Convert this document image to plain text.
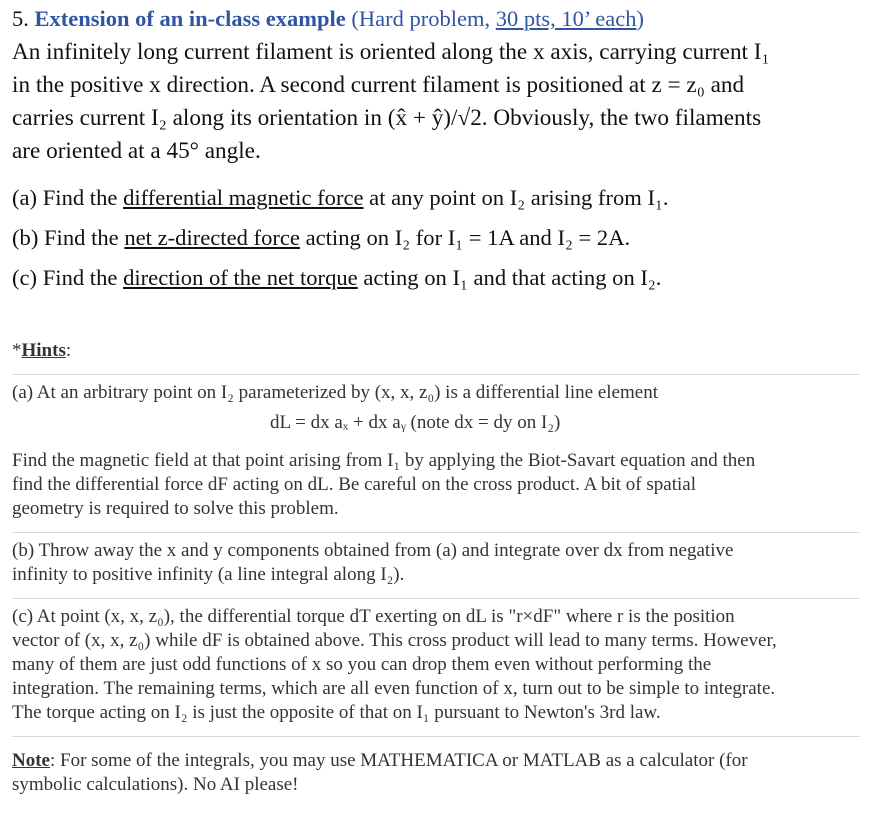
5. Extension of an in-class example (Hard problem, 30 pts, 10’ each)

An infinitely long current filament is oriented along the x axis, carrying current I₁
in the positive x direction. A second current filament is positioned at z = z₀ and
carries current I₂ along its orientation in (x̂ + ŷ)/√2. Obviously, the two filaments
are oriented at a 45° angle.

(a) Find the differential magnetic force at any point on I₂ arising from I₁.

(b) Find the net z-directed force acting on I₂ for I₁ = 1A and I₂ = 2A.

(c) Find the direction of the net torque acting on I₁ and that acting on I₂.

*Hints:

(a) At an arbitrary point on I₂ parameterized by (x, x, z₀) is a differential line element

dL = dx aₓ + dx aᵧ (note dx = dy on I₂)

Find the magnetic field at that point arising from I₁ by applying the Biot-Savart equation and then

find the differential force dF acting on dL. Be careful on the cross product. A bit of spatial

geometry is required to solve this problem.

(b) Throw away the x and y components obtained from (a) and integrate over dx from negative

infinity to positive infinity (a line integral along I₂).

(c) At point (x, x, z₀), the differential torque dT exerting on dL is "r×dF" where r is the position

vector of (x, x, z₀) while dF is obtained above. This cross product will lead to many terms. However,

many of them are just odd functions of x so you can drop them even without performing the

integration. The remaining terms, which are all even function of x, turn out to be simple to integrate.

The torque acting on I₂ is just the opposite of that on I₁ pursuant to Newton's 3rd law.

Note: For some of the integrals, you may use MATHEMATICA or MATLAB as a calculator (for

symbolic calculations). No AI please!
